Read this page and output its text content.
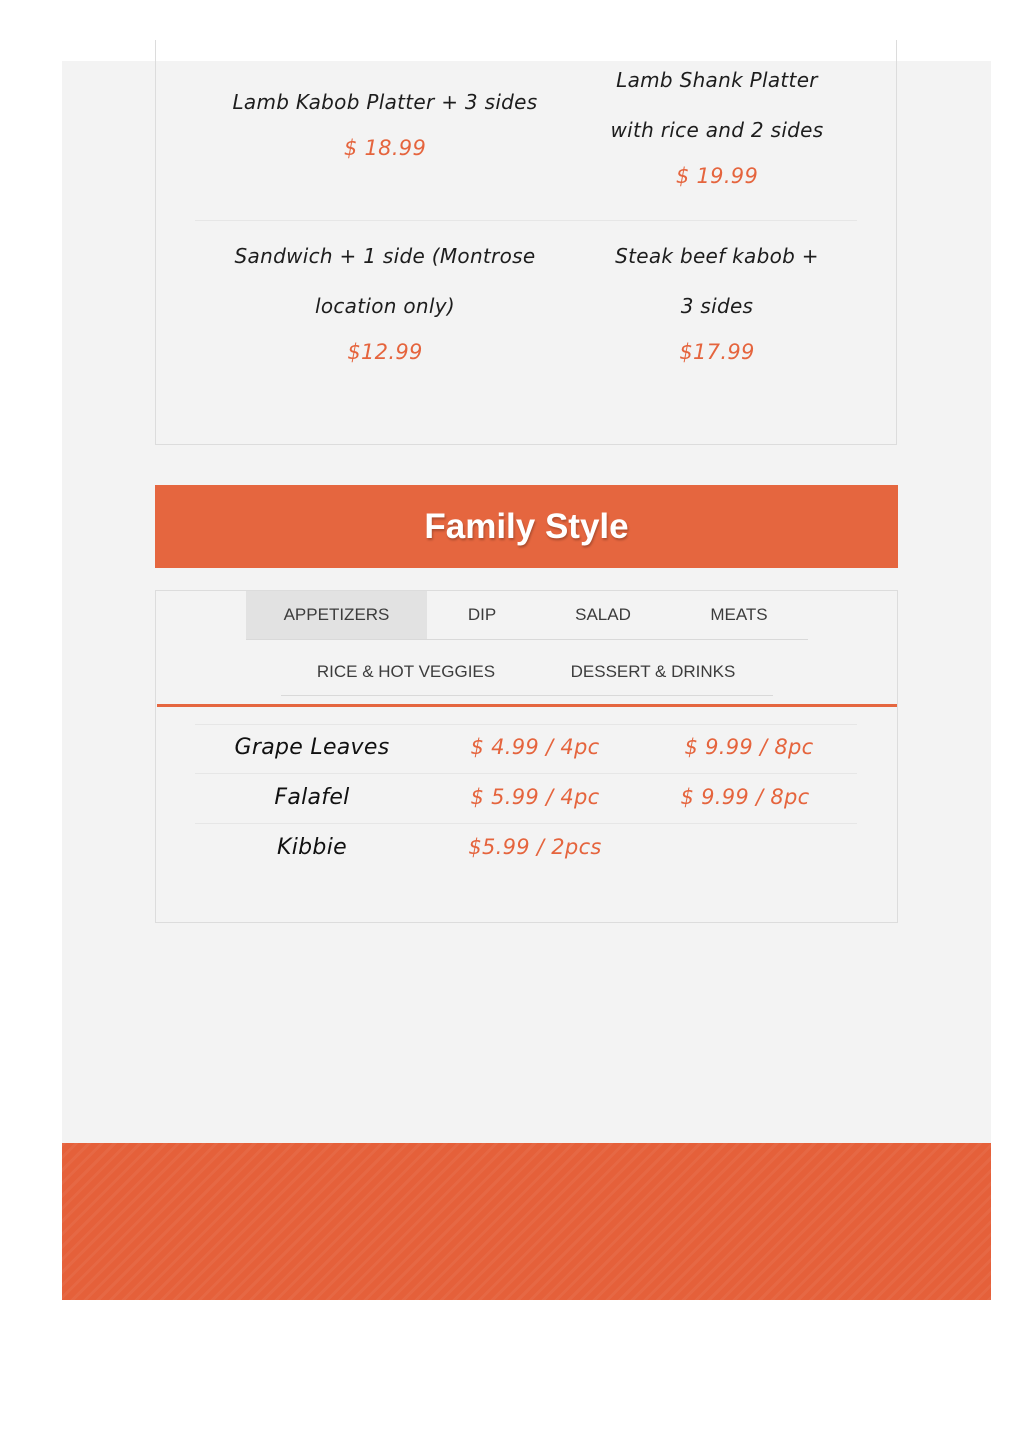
Lamb Kabob Platter + 3 sides
$ 18.99
Lamb Shank Platter
with rice and 2 sides
$ 19.99
Sandwich + 1 side (Montrose
location only)
$12.99
Steak beef kabob +
3 sides
$17.99
Family Style
APPETIZERS	DIP	SALAD	MEATS
RICE & HOT VEGGIES	DESSERT & DRINKS
Grape Leaves	$ 4.99 / 4pc	$ 9.99 / 8pc
Falafel	$ 5.99 / 4pc	$ 9.99 / 8pc
Kibbie	$5.99 / 2pcs
